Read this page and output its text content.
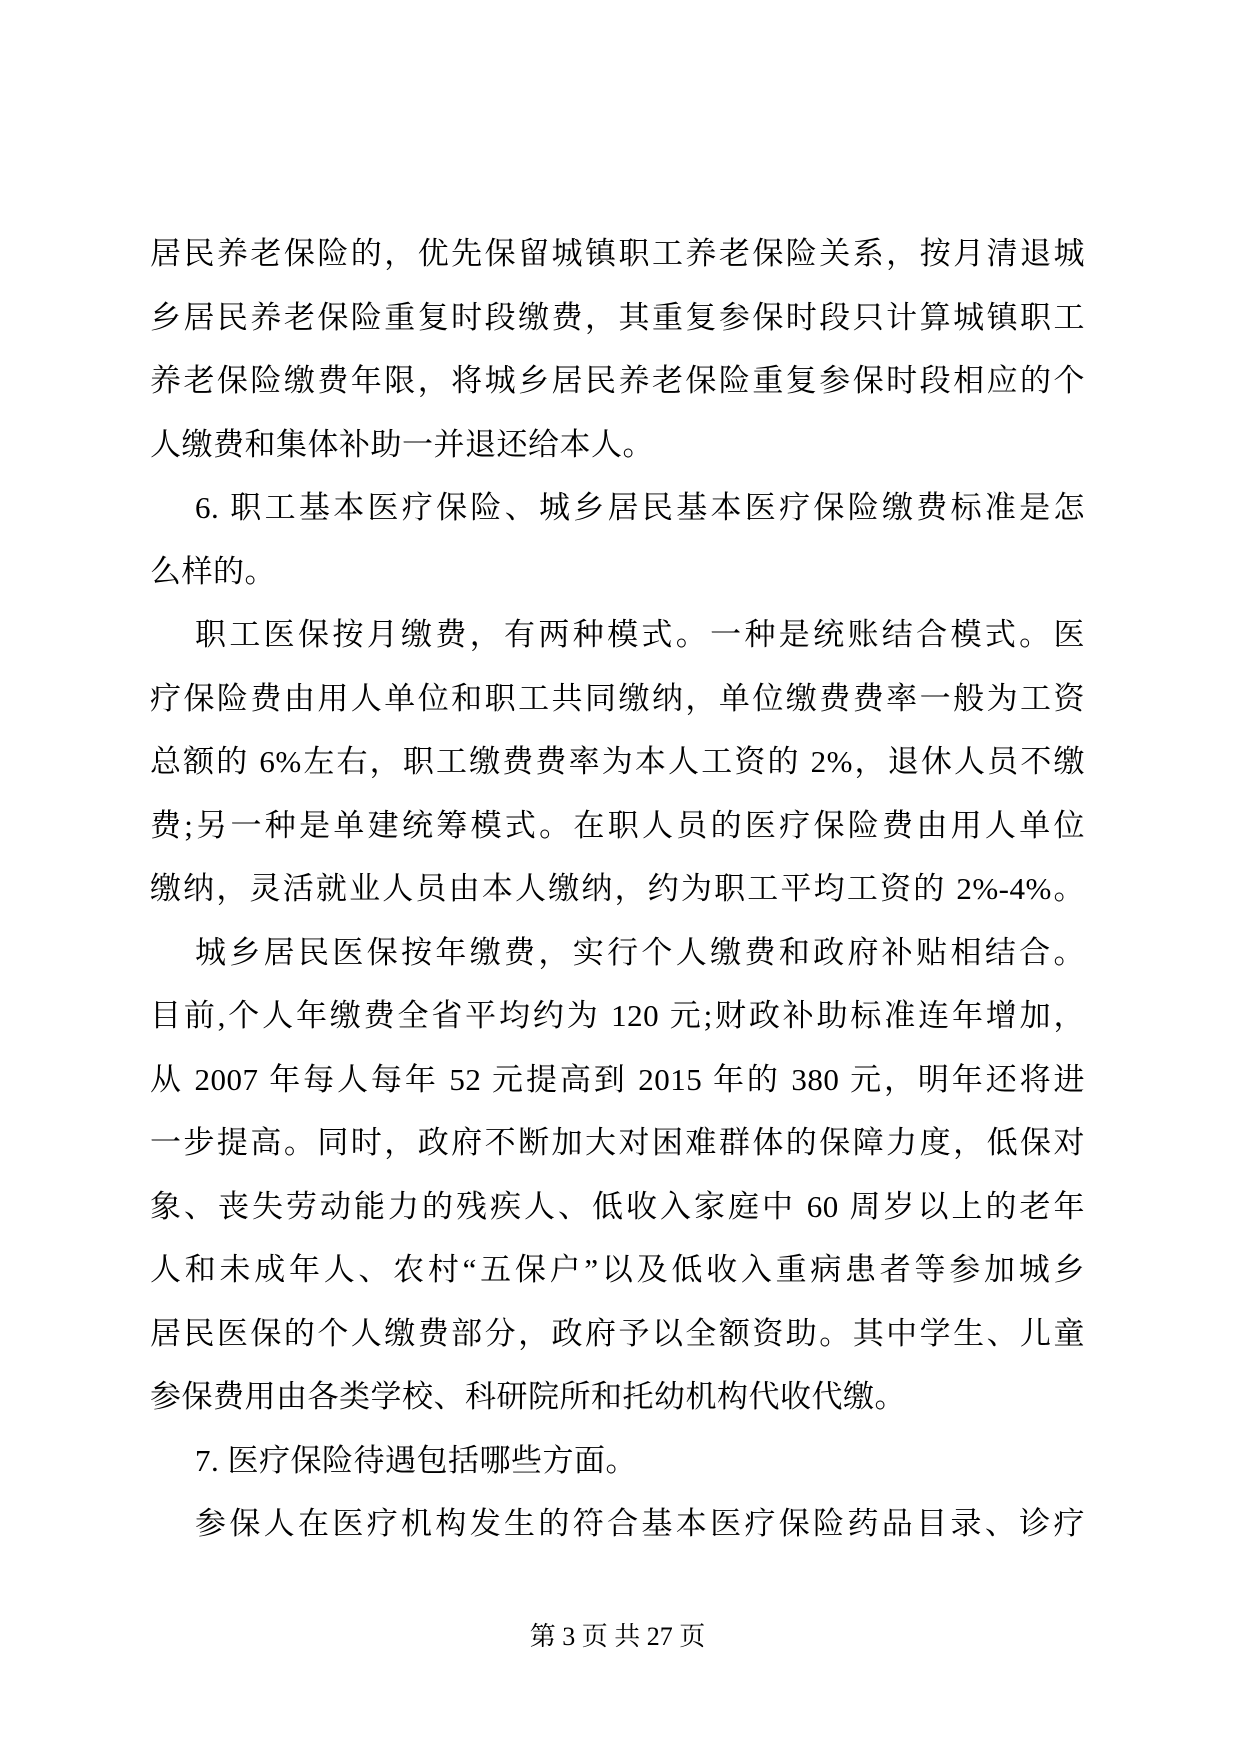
居民养老保险的，优先保留城镇职工养老保险关系，按月清退城

乡居民养老保险重复时段缴费，其重复参保时段只计算城镇职工

养老保险缴费年限，将城乡居民养老保险重复参保时段相应的个

人缴费和集体补助一并退还给本人。

6. 职工基本医疗保险、城乡居民基本医疗保险缴费标准是怎

么样的。

职工医保按月缴费，有两种模式。一种是统账结合模式。医

疗保险费由用人单位和职工共同缴纳，单位缴费费率一般为工资

总额的 6%左右，职工缴费费率为本人工资的 2%，退休人员不缴

费;另一种是单建统筹模式。在职人员的医疗保险费由用人单位

缴纳，灵活就业人员由本人缴纳，约为职工平均工资的 2%-4%。

城乡居民医保按年缴费，实行个人缴费和政府补贴相结合。

目前,个人年缴费全省平均约为 120 元;财政补助标准连年增加，

从 2007 年每人每年 52 元提高到 2015 年的 380 元，明年还将进

一步提高。同时，政府不断加大对困难群体的保障力度，低保对

象、丧失劳动能力的残疾人、低收入家庭中 60 周岁以上的老年

人和未成年人、农村“五保户”以及低收入重病患者等参加城乡

居民医保的个人缴费部分，政府予以全额资助。其中学生、儿童

参保费用由各类学校、科研院所和托幼机构代收代缴。

7. 医疗保险待遇包括哪些方面。

参保人在医疗机构发生的符合基本医疗保险药品目录、诊疗

第 3 页 共 27 页
